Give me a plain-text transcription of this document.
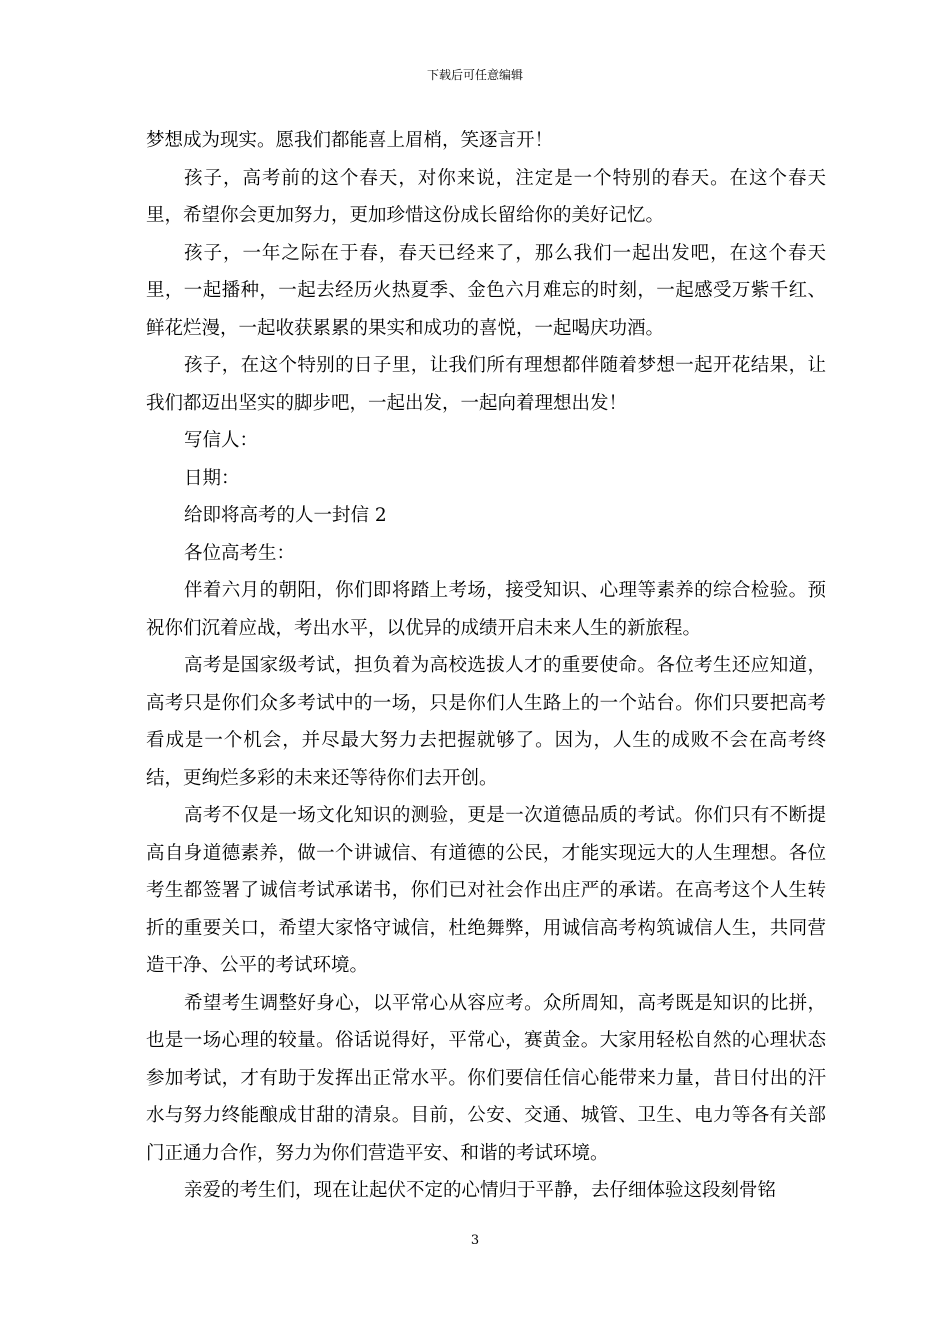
下载后可任意编辑

梦想成为现实。愿我们都能喜上眉梢，笑逐言开！

孩子，高考前的这个春天，对你来说，注定是一个特别的春天。在这个春天里，希望你会更加努力，更加珍惜这份成长留给你的美好记忆。

孩子，一年之际在于春，春天已经来了，那么我们一起出发吧，在这个春天里，一起播种，一起去经历火热夏季、金色六月难忘的时刻，一起感受万紫千红、鲜花烂漫，一起收获累累的果实和成功的喜悦，一起喝庆功酒。

孩子，在这个特别的日子里，让我们所有理想都伴随着梦想一起开花结果，让我们都迈出坚实的脚步吧，一起出发，一起向着理想出发！

写信人：

日期：

给即将高考的人一封信 2

各位高考生：

伴着六月的朝阳，你们即将踏上考场，接受知识、心理等素养的综合检验。预祝你们沉着应战，考出水平，以优异的成绩开启未来人生的新旅程。

高考是国家级考试，担负着为高校选拔人才的重要使命。各位考生还应知道，高考只是你们众多考试中的一场，只是你们人生路上的一个站台。你们只要把高考看成是一个机会，并尽最大努力去把握就够了。因为，人生的成败不会在高考终结，更绚烂多彩的未来还等待你们去开创。

高考不仅是一场文化知识的测验，更是一次道德品质的考试。你们只有不断提高自身道德素养，做一个讲诚信、有道德的公民，才能实现远大的人生理想。各位考生都签署了诚信考试承诺书，你们已对社会作出庄严的承诺。在高考这个人生转折的重要关口，希望大家恪守诚信，杜绝舞弊，用诚信高考构筑诚信人生，共同营造干净、公平的考试环境。

希望考生调整好身心，以平常心从容应考。众所周知，高考既是知识的比拼，也是一场心理的较量。俗话说得好，平常心，赛黄金。大家用轻松自然的心理状态参加考试，才有助于发挥出正常水平。你们要信任信心能带来力量，昔日付出的汗水与努力终能酿成甘甜的清泉。目前，公安、交通、城管、卫生、电力等各有关部门正通力合作，努力为你们营造平安、和谐的考试环境。

亲爱的考生们，现在让起伏不定的心情归于平静，去仔细体验这段刻骨铭

3
